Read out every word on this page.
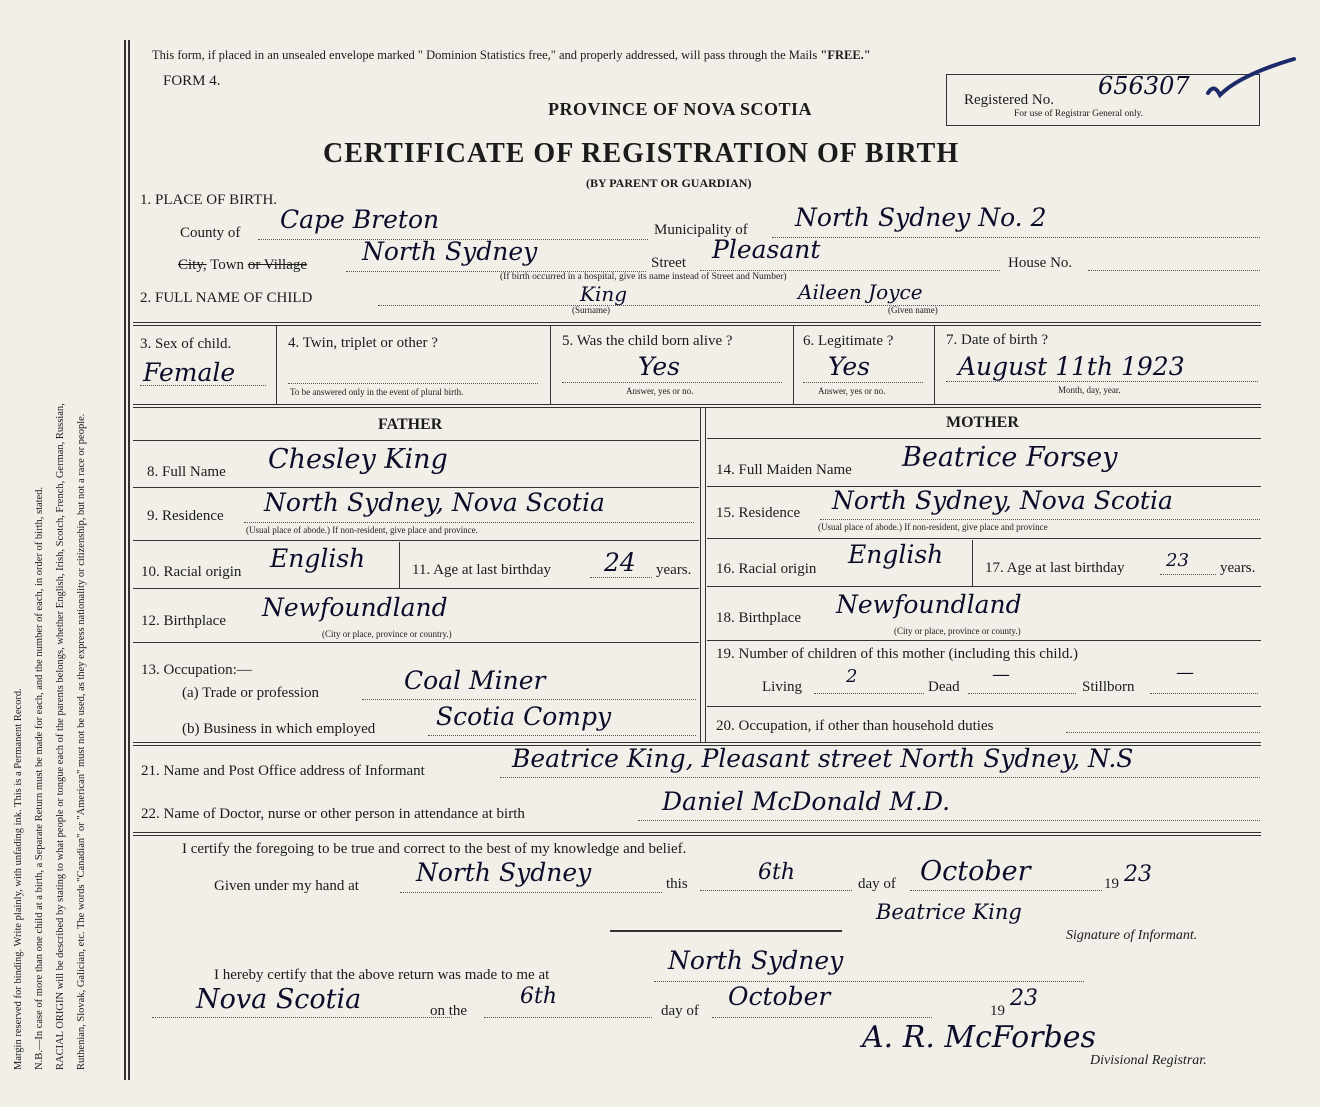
Margin reserved for binding. Write plainly, with unfading ink. This is a Permanent Record. N.B.—In case of more than one child at a birth, a Separate Return must be made for each, and the number of each, in order of birth, stated. RACIAL ORIGIN will be described by stating to what people or tongue each of the parents belongs, whether English, Irish, Scotch, French, German, Russian, Ruthenian, Slovak, Galician, etc. The words "Canadian" or "American" must not be used, as they express nationality or citizenship, but not a race or people.
This form, if placed in an unsealed envelope marked " Dominion Statistics free," and properly addressed, will pass through the Mails "FREE."
FORM 4.
PROVINCE OF NOVA SCOTIA	Registered No. 656307
For use of Registrar General only.
CERTIFICATE OF REGISTRATION OF BIRTH
(BY PARENT OR GUARDIAN)
1. PLACE OF BIRTH.
County of Cape Breton	Municipality of North Sydney No. 2
City, Town or Village North Sydney	Street Pleasant
(If birth occurred in a hospital, give its name instead of Street and Number)
House No.
2. FULL NAME OF CHILD	King
(Surname)
Aileen Joyce
(Given name)
3. Sex of child.
Female
4. Twin, triplet or other ?
To be answered only in the event of plural birth.
5. Was the child born alive ?
Yes
Answer, yes or no.
6. Legitimate ?
Yes
Answer, yes or no.
7. Date of birth ?
August 11th 1923
Month, day, year.
FATHER	MOTHER
8. Full Name Chesley King
9. Residence North Sydney, Nova Scotia
(Usual place of abode.) If non-resident, give place and province.
10. Racial origin English	11. Age at last birthday 24 years.
12. Birthplace Newfoundland
(City or place, province or country.)
13. Occupation:—
(a) Trade or profession	Coal Miner
(b) Business in which employed Scotia Compy
14. Full Maiden Name Beatrice Forsey
15. Residence North Sydney, Nova Scotia
(Usual place of abode.) If non-resident, give place and province
16. Racial origin English	17. Age at last birthday 23 years.
18. Birthplace Newfoundland
(City or place, province or county.)
19. Number of children of this mother (including this child.)
Living 2	Dead
—
Stillborn
—
20. Occupation, if other than household duties
21. Name and Post Office address of Informant	Beatrice King, Pleasant street North Sydney, N.S
22. Name of Doctor, nurse or other person in attendance at birth	Daniel McDonald M.D.
I certify the foregoing to be true and correct to the best of my knowledge and belief.
Given under my hand at North Sydney	this	6th	day of October	19 23
Beatrice King
Signature of Informant.
I hereby certify that the above return was made to me at	North Sydney
Nova Scotia	on the
6th
day of October	19 23
A. R. McForbes
Divisional Registrar.
